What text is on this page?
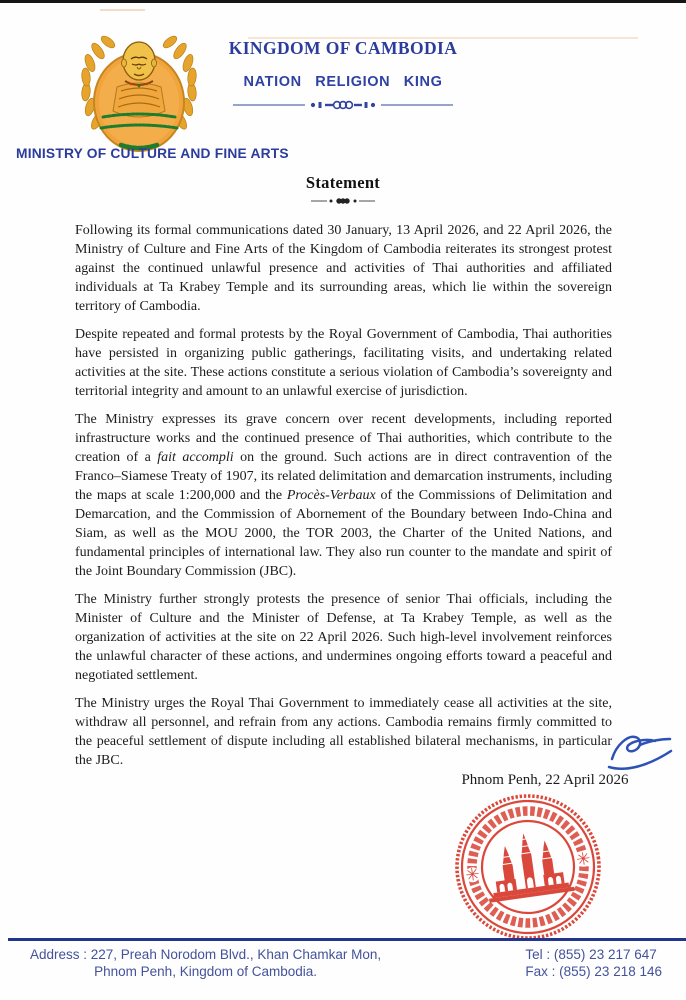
KINGDOM OF CAMBODIA
NATION RELIGION KING
MINISTRY OF CULTURE AND FINE ARTS
Statement

Following its formal communications dated 30 January, 13 April 2026, and 22 April 2026, the Ministry of Culture and Fine Arts of the Kingdom of Cambodia reiterates its strongest protest against the continued unlawful presence and activities of Thai authorities and affiliated individuals at Ta Krabey Temple and its surrounding areas, which lie within the sovereign territory of Cambodia.

Despite repeated and formal protests by the Royal Government of Cambodia, Thai authorities have persisted in organizing public gatherings, facilitating visits, and undertaking related activities at the site. These actions constitute a serious violation of Cambodia’s sovereignty and territorial integrity and amount to an unlawful exercise of jurisdiction.

The Ministry expresses its grave concern over recent developments, including reported infrastructure works and the continued presence of Thai authorities, which contribute to the creation of a fait accompli on the ground. Such actions are in direct contravention of the Franco–Siamese Treaty of 1907, its related delimitation and demarcation instruments, including the maps at scale 1:200,000 and the Procès-Verbaux of the Commissions of Delimitation and Demarcation, and the Commission of Abornement of the Boundary between Indo-China and Siam, as well as the MOU 2000, the TOR 2003, the Charter of the United Nations, and fundamental principles of international law. They also run counter to the mandate and spirit of the Joint Boundary Commission (JBC).

The Ministry further strongly protests the presence of senior Thai officials, including the Minister of Culture and the Minister of Defense, at Ta Krabey Temple, as well as the organization of activities at the site on 22 April 2026. Such high-level involvement reinforces the unlawful character of these actions, and undermines ongoing efforts toward a peaceful and negotiated settlement.

The Ministry urges the Royal Thai Government to immediately cease all activities at the site, withdraw all personnel, and refrain from any actions. Cambodia remains firmly committed to the peaceful settlement of dispute including all established bilateral mechanisms, in particular the JBC.

Phnom Penh, 22 April 2026
✳
✳
Address : 227, Preah Norodom Blvd., Khan Chamkar Mon,
Phnom Penh, Kingdom of Cambodia.
Tel : (855) 23 217 647
Fax : (855) 23 218 146
